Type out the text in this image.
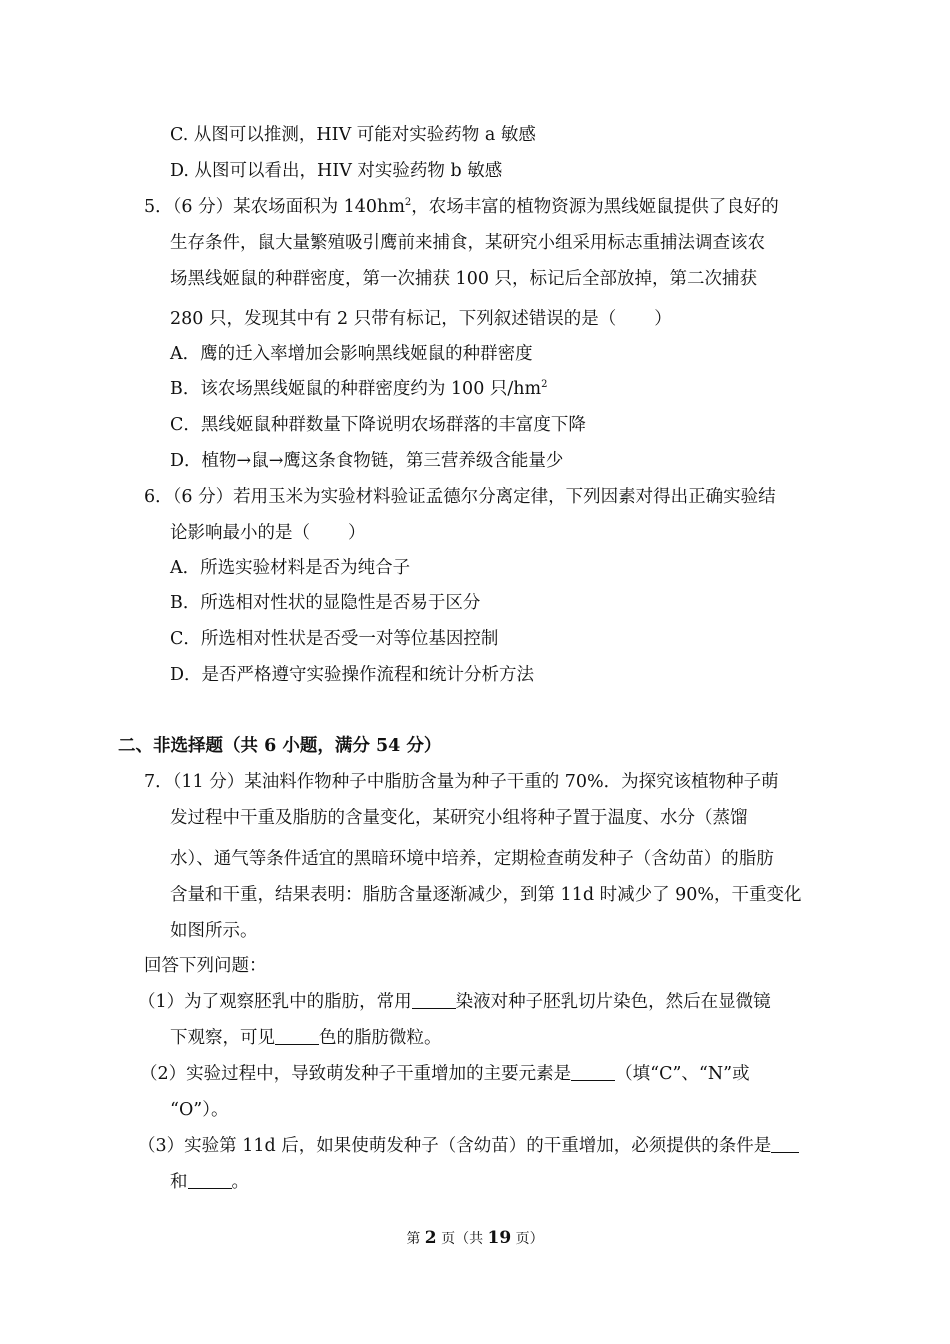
C. 从图可以推测，HIV 可能对实验药物 a 敏感
D. 从图可以看出，HIV 对实验药物 b 敏感
5．（6 分）某农场面积为 $140hm^2$，农场丰富的植物资源为黑线姬鼠提供了良好的
生存条件，鼠大量繁殖吸引鹰前来捕食，某研究小组采用标志重捕法调查该农
场黑线姬鼠的种群密度，第一次捕获 100 只，标记后全部放掉，第二次捕获
280 只，发现其中有 2 只带有标记，下列叙述错误的是（ ）
A．鹰的迁入率增加会影响黑线姬鼠的种群密度
B．该农场黑线姬鼠的种群密度约为 100 只$/hm^2$
C．黑线姬鼠种群数量下降说明农场群落的丰富度下降
D．植物→鼠→鹰这条食物链，第三营养级含能量少
6．（6 分）若用玉米为实验材料验证孟德尔分离定律，下列因素对得出正确实验结
论影响最小的是（ ）
A．所选实验材料是否为纯合子
B．所选相对性状的显隐性是否易于区分
C．所选相对性状是否受一对等位基因控制
D．是否严格遵守实验操作流程和统计分析方法
二、非选择题（共 6 小题，满分 54 分）
7．（11 分）某油料作物种子中脂肪含量为种子干重的 70%．为探究该植物种子萌
发过程中干重及脂肪的含量变化，某研究小组将种子置于温度、水分（蒸馏
水）、通气等条件适宜的黑暗环境中培养，定期检查萌发种子（含幼苗）的脂肪
含量和干重，结果表明：脂肪含量逐渐减少，到第 11d 时减少了 90%，干重变化
如图所示。
回答下列问题：
（1）为了观察胚乳中的脂肪，常用	染液对种子胚乳切片染色，然后在显微镜
下观察，可见	色的脂肪微粒。
（2）实验过程中，导致萌发种子干重增加的主要元素是	（填“C”、“N”或
“O”）。
（3）实验第 11d 后，如果使萌发种子（含幼苗）的干重增加，必须提供的条件是
和	。
第 2 页（共 19 页）
